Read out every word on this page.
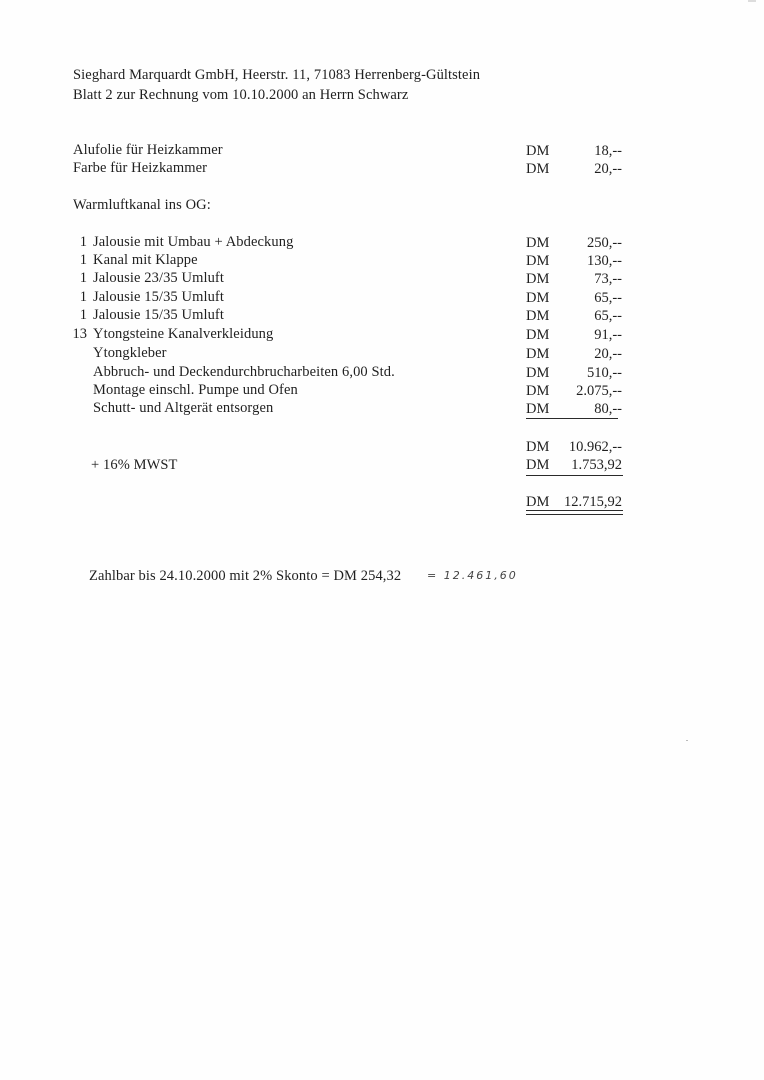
Sieghard Marquardt GmbH, Heerstr. 11, 71083 Herrenberg-Gültstein
Blatt 2 zur Rechnung vom 10.10.2000 an Herrn Schwarz
Alufolie für Heizkammer	DM	18,--
Farbe für Heizkammer	DM	20,--
Warmluftkanal ins OG:
1 Jalousie mit Umbau + Abdeckung	DM	250,--
1 Kanal mit Klappe	DM	130,--
1 Jalousie 23/35 Umluft	DM	73,--
1 Jalousie 15/35 Umluft	DM	65,--
1 Jalousie 15/35 Umluft	DM	65,--
13 Ytongsteine Kanalverkleidung	DM	91,--
Ytongkleber	DM	20,--
Abbruch- und Deckendurchbrucharbeiten 6,00 Std.	DM	510,--
Montage einschl. Pumpe und Ofen	DM	2.075,--
Schutt- und Altgerät entsorgen	DM	80,--
DM	10.962,--
+ 16% MWST	DM	1.753,92
DM	12.715,92
Zahlbar bis 24.10.2000 mit 2% Skonto = DM 254,32 = 12.461,60
